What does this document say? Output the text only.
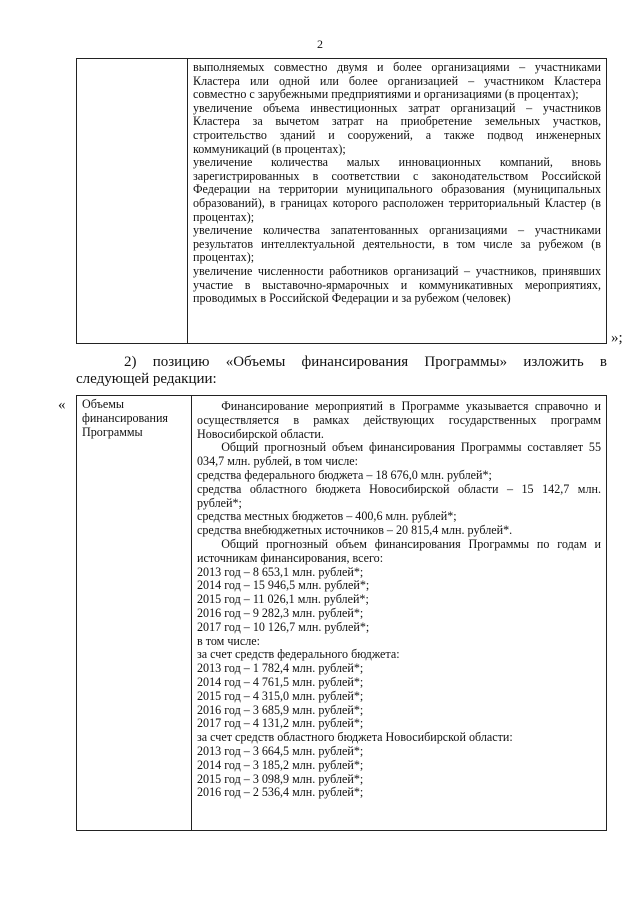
2

выполняемых совместно двумя и более организациями – участниками Кластера или одной или более организацией – участником Кластера совместно с зарубежными предприятиями и организациями (в процентах);
увеличение объема инвестиционных затрат организаций – участников Кластера за вычетом затрат на приобретение земельных участков, строительство зданий и сооружений, а также подвод инженерных коммуникаций (в процентах);
увеличение количества малых инновационных компаний, вновь зарегистрированных в соответствии с законодательством Российской Федерации на территории муниципального образования (муниципальных образований), в границах которого расположен территориальный Кластер (в процентах);
увеличение количества запатентованных организациями – участниками результатов интеллектуальной деятельности, в том числе за рубежом (в процентах);
увеличение численности работников организаций – участников, принявших участие в выставочно-ярмарочных и коммуникативных мероприятиях, проводимых в Российской Федерации и за рубежом (человек)
»;
2) позицию «Объемы финансирования Программы» изложить в следующей редакции:
« Объемы финансирования Программы	
Финансирование мероприятий в Программе указывается справочно и осуществляется в рамках действующих государственных программ Новосибирской области.
Общий прогнозный объем финансирования Программы составляет 55 034,7 млн. рублей, в том числе:
средства федерального бюджета – 18 676,0 млн. рублей*;
средства областного бюджета Новосибирской области – 15 142,7 млн. рублей*;
средства местных бюджетов – 400,6 млн. рублей*;
средства внебюджетных источников – 20 815,4 млн. рублей*.
Общий прогнозный объем финансирования Программы по годам и источникам финансирования, всего:
2013 год – 8 653,1 млн. рублей*;
2014 год – 15 946,5 млн. рублей*;
2015 год – 11 026,1 млн. рублей*;
2016 год – 9 282,3 млн. рублей*;
2017 год – 10 126,7 млн. рублей*;
в том числе:
за счет средств федерального бюджета:
2013 год – 1 782,4 млн. рублей*;
2014 год – 4 761,5 млн. рублей*;
2015 год – 4 315,0 млн. рублей*;
2016 год – 3 685,9 млн. рублей*;
2017 год – 4 131,2 млн. рублей*;
за счет средств областного бюджета Новосибирской области:
2013 год – 3 664,5 млн. рублей*;
2014 год – 3 185,2 млн. рублей*;
2015 год – 3 098,9 млн. рублей*;
2016 год – 2 536,4 млн. рублей*;
